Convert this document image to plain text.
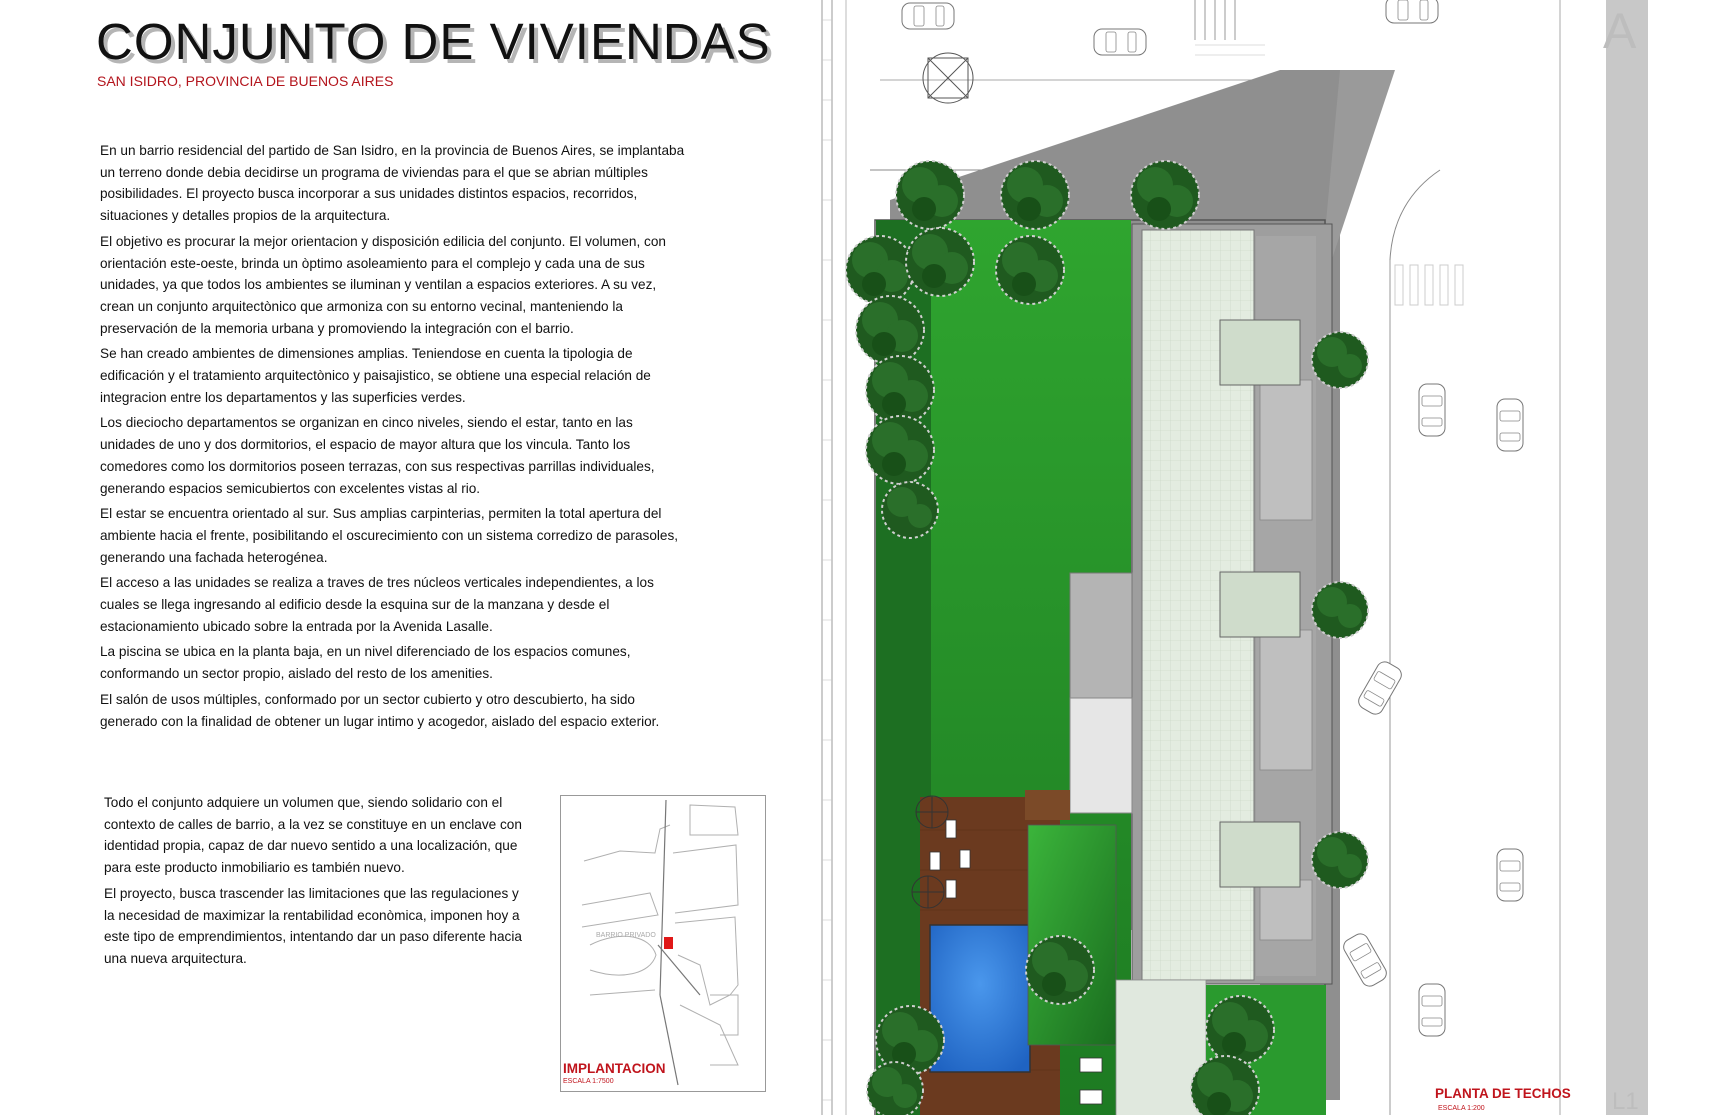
CONJUNTO DE VIVIENDAS
SAN ISIDRO, PROVINCIA DE BUENOS AIRES

En un barrio residencial del partido de San Isidro, en la provincia de Buenos Aires, se implantaba un terreno donde debia decidirse un programa de viviendas para el que se abrian múltiples posibilidades. El proyecto busca incorporar a sus unidades distintos espacios, recorridos, situaciones y detalles propios de la arquitectura.

El objetivo es procurar la mejor orientacion y disposición edilicia del conjunto. El volumen, con orientación este-oeste, brinda un òptimo asoleamiento para el complejo y cada una de sus unidades, ya que todos los ambientes se iluminan y ventilan a espacios exteriores. A su vez, crean un conjunto arquitectònico que armoniza con su entorno vecinal, manteniendo la preservación de la memoria urbana y promoviendo la integración con el barrio.

Se han creado ambientes de dimensiones amplias. Teniendose en cuenta la tipologia de edificación y el tratamiento arquitectònico y paisajistico, se obtiene una especial relación de integracion entre los departamentos y las superficies verdes.

Los dieciocho departamentos se organizan en cinco niveles, siendo el estar, tanto en las unidades de uno y dos dormitorios, el espacio de mayor altura que los vincula. Tanto los comedores como los dormitorios poseen terrazas, con sus respectivas parrillas individuales, generando espacios semicubiertos con excelentes vistas al rio.

El estar se encuentra orientado al sur. Sus amplias carpinterias, permiten la total apertura del ambiente hacia el frente, posibilitando el oscurecimiento con un sistema corredizo de parasoles, generando una fachada heterogénea.

El acceso a las unidades se realiza a traves de tres núcleos verticales independientes, a los cuales se llega ingresando al edificio desde la esquina sur de la manzana y desde el estacionamiento ubicado sobre la entrada por la Avenida Lasalle.

La piscina se ubica en la planta baja, en un nivel diferenciado de los espacios comunes, conformando un sector propio, aislado del resto de los amenities.

El salón de usos múltiples, conformado por un sector cubierto y otro descubierto, ha sido generado con la finalidad de obtener un lugar intimo y acogedor, aislado del espacio exterior.

Todo el conjunto adquiere un volumen que, siendo solidario con el contexto de calles de barrio, a la vez se constituye en un enclave con identidad propia, capaz de dar nuevo sentido a una localización, que para este producto inmobiliario es también nuevo.

El proyecto, busca trascender las limitaciones que las regulaciones y la necesidad de maximizar la rentabilidad econòmica, imponen hoy a este tipo de emprendimientos, intentando dar un paso diferente hacia una nueva arquitectura.

BARRIO PRIVADO
IMPLANTACION
ESCALA 1:7500
PLANTA DE TECHOS
ESCALA 1:200
A
L1
